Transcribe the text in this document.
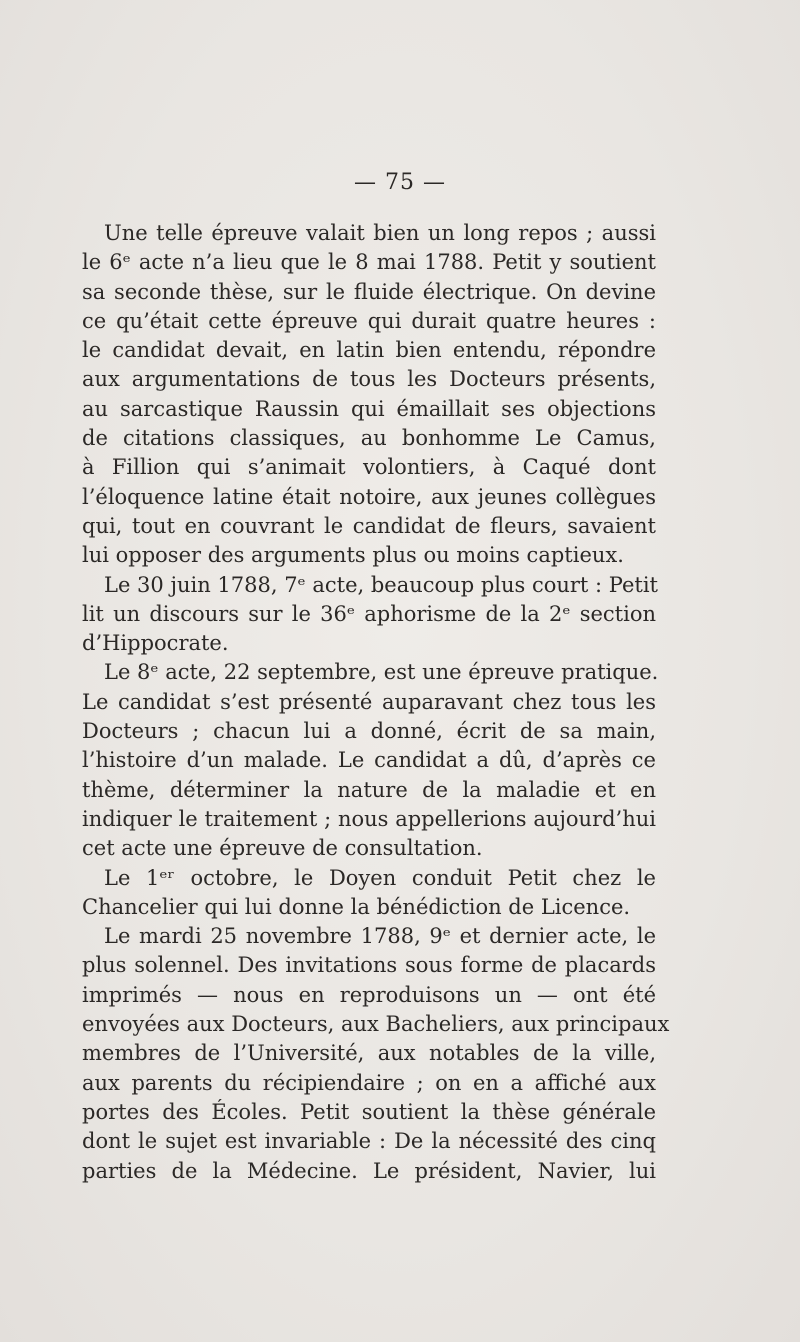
— 75 —
Une telle épreuve valait bien un long repos ; aussi
le 6ᵉ acte n’a lieu que le 8 mai 1788. Petit y soutient
sa seconde thèse, sur le fluide électrique. On devine
ce qu’était cette épreuve qui durait quatre heures :
le candidat devait, en latin bien entendu, répondre
aux argumentations de tous les Docteurs présents,
au sarcastique Raussin qui émaillait ses objections
de citations classiques, au bonhomme Le Camus,
à Fillion qui s’animait volontiers, à Caqué dont
l’éloquence latine était notoire, aux jeunes collègues
qui, tout en couvrant le candidat de fleurs, savaient
lui opposer des arguments plus ou moins captieux.
Le 30 juin 1788, 7ᵉ acte, beaucoup plus court : Petit
lit un discours sur le 36ᵉ aphorisme de la 2ᵉ section
d’Hippocrate.
Le 8ᵉ acte, 22 septembre, est une épreuve pratique.
Le candidat s’est présenté auparavant chez tous les
Docteurs ; chacun lui a donné, écrit de sa main,
l’histoire d’un malade. Le candidat a dû, d’après ce
thème, déterminer la nature de la maladie et en
indiquer le traitement ; nous appellerions aujourd’hui
cet acte une épreuve de consultation.
Le 1ᵉʳ octobre, le Doyen conduit Petit chez le
Chancelier qui lui donne la bénédiction de Licence.
Le mardi 25 novembre 1788, 9ᵉ et dernier acte, le
plus solennel. Des invitations sous forme de placards
imprimés — nous en reproduisons un — ont été
envoyées aux Docteurs, aux Bacheliers, aux principaux
membres de l’Université, aux notables de la ville,
aux parents du récipiendaire ; on en a affiché aux
portes des Écoles. Petit soutient la thèse générale
dont le sujet est invariable : De la nécessité des cinq
parties de la Médecine. Le président, Navier, lui
